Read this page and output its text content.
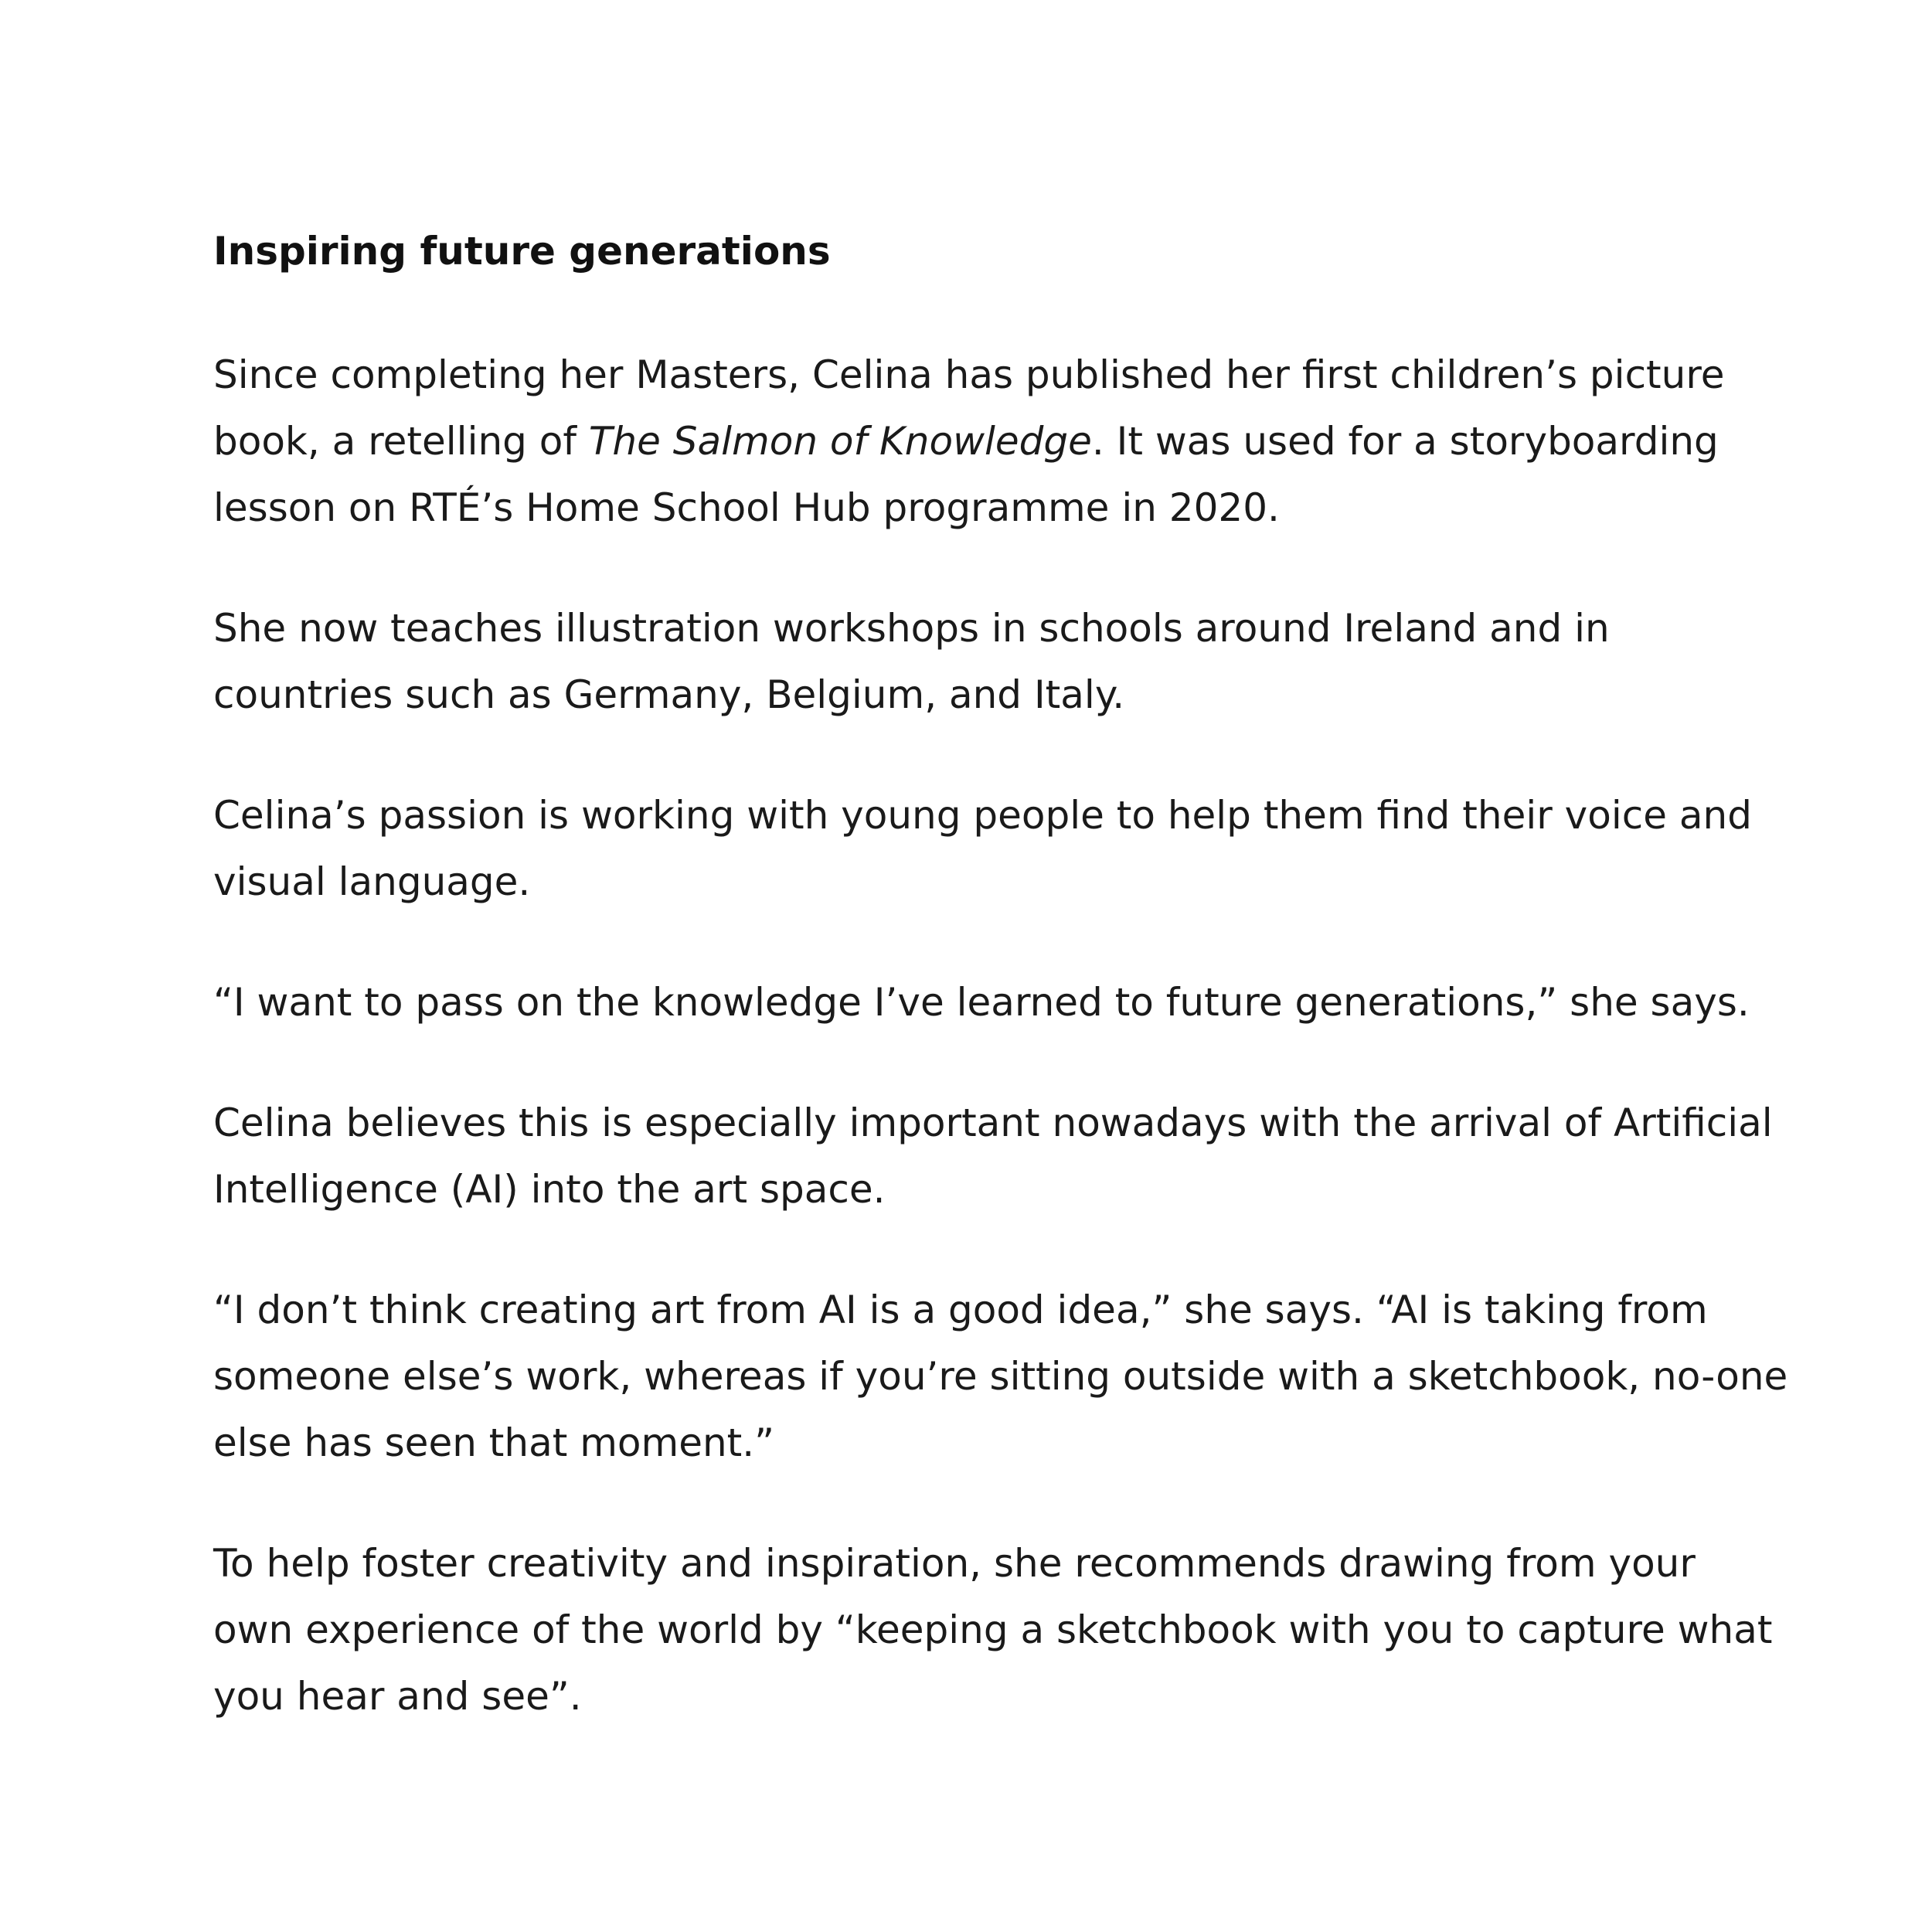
Inspiring future generations
Since completing her Masters, Celina has published her first children’s picture
book, a retelling of The Salmon of Knowledge. It was used for a storyboarding
lesson on RTÉ’s Home School Hub programme in 2020.
She now teaches illustration workshops in schools around Ireland and in
countries such as Germany, Belgium, and Italy.
Celina’s passion is working with young people to help them find their voice and
visual language.
“I want to pass on the knowledge I’ve learned to future generations,” she says.
Celina believes this is especially important nowadays with the arrival of Artificial
Intelligence (AI) into the art space.
“I don’t think creating art from AI is a good idea,” she says. “AI is taking from
someone else’s work, whereas if you’re sitting outside with a sketchbook, no-one
else has seen that moment.”
To help foster creativity and inspiration, she recommends drawing from your
own experience of the world by “keeping a sketchbook with you to capture what
you hear and see”.
